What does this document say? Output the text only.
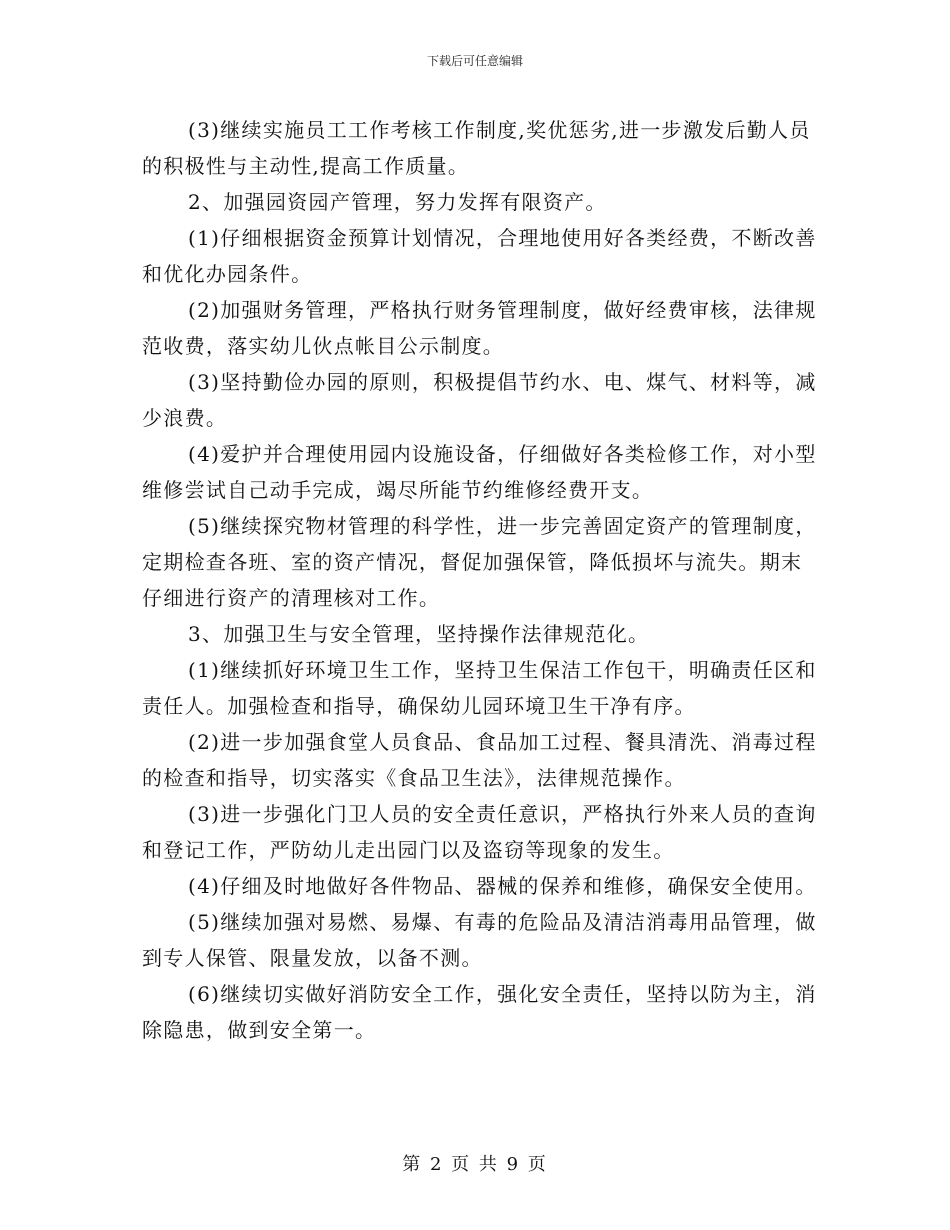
下载后可任意编辑

(3)继续实施员工工作考核工作制度,奖优惩劣,进一步激发后勤人员的积极性与主动性,提高工作质量。

2、加强园资园产管理，努力发挥有限资产。

(1)仔细根据资金预算计划情况，合理地使用好各类经费，不断改善和优化办园条件。

(2)加强财务管理，严格执行财务管理制度，做好经费审核，法律规范收费，落实幼儿伙点帐目公示制度。

(3)坚持勤俭办园的原则，积极提倡节约水、电、煤气、材料等，减少浪费。

(4)爱护并合理使用园内设施设备，仔细做好各类检修工作，对小型维修尝试自己动手完成，竭尽所能节约维修经费开支。

(5)继续探究物材管理的科学性，进一步完善固定资产的管理制度，定期检查各班、室的资产情况，督促加强保管，降低损坏与流失。期末仔细进行资产的清理核对工作。

3、加强卫生与安全管理，坚持操作法律规范化。

(1)继续抓好环境卫生工作，坚持卫生保洁工作包干，明确责任区和责任人。加强检查和指导，确保幼儿园环境卫生干净有序。

(2)进一步加强食堂人员食品、食品加工过程、餐具清洗、消毒过程的检查和指导，切实落实《食品卫生法》，法律规范操作。

(3)进一步强化门卫人员的安全责任意识，严格执行外来人员的查询和登记工作，严防幼儿走出园门以及盗窃等现象的发生。

(4)仔细及时地做好各件物品、器械的保养和维修，确保安全使用。

(5)继续加强对易燃、易爆、有毒的危险品及清洁消毒用品管理，做到专人保管、限量发放，以备不测。

(6)继续切实做好消防安全工作，强化安全责任，坚持以防为主，消除隐患，做到安全第一。

第 2 页 共 9 页
